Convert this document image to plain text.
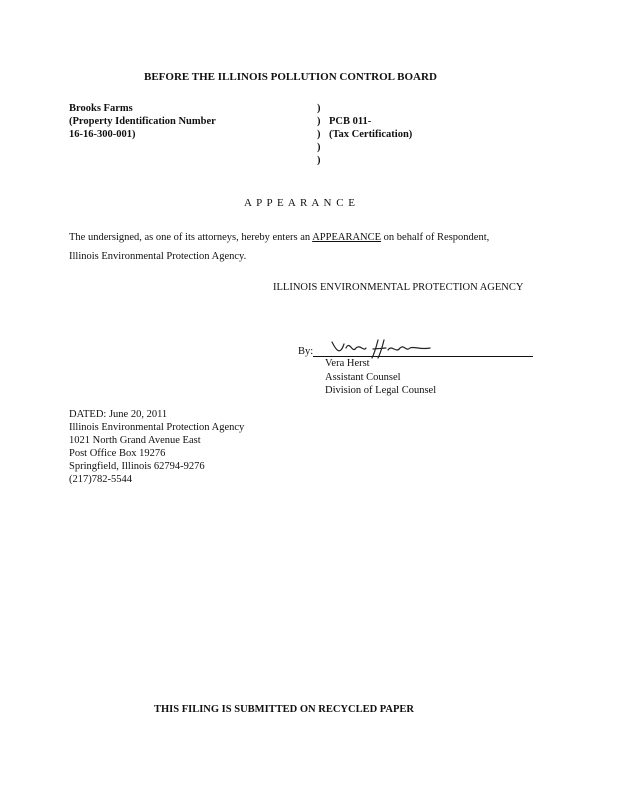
BEFORE THE ILLINOIS POLLUTION CONTROL BOARD
Brooks Farms
(Property Identification Number
16-16-300-001)
)
)
)
)
)
PCB 011-
(Tax Certification)
A P P E A R A N C E
The undersigned, as one of its attorneys, hereby enters an APPEARANCE on behalf of Respondent,
Illinois Environmental Protection Agency.
ILLINOIS ENVIRONMENTAL PROTECTION AGENCY
By:
Vera Herst
Assistant Counsel
Division of Legal Counsel
DATED: June 20, 2011
Illinois Environmental Protection Agency
1021 North Grand Avenue East
Post Office Box 19276
Springfield, Illinois 62794-9276
(217)782-5544
THIS FILING IS SUBMITTED ON RECYCLED PAPER
